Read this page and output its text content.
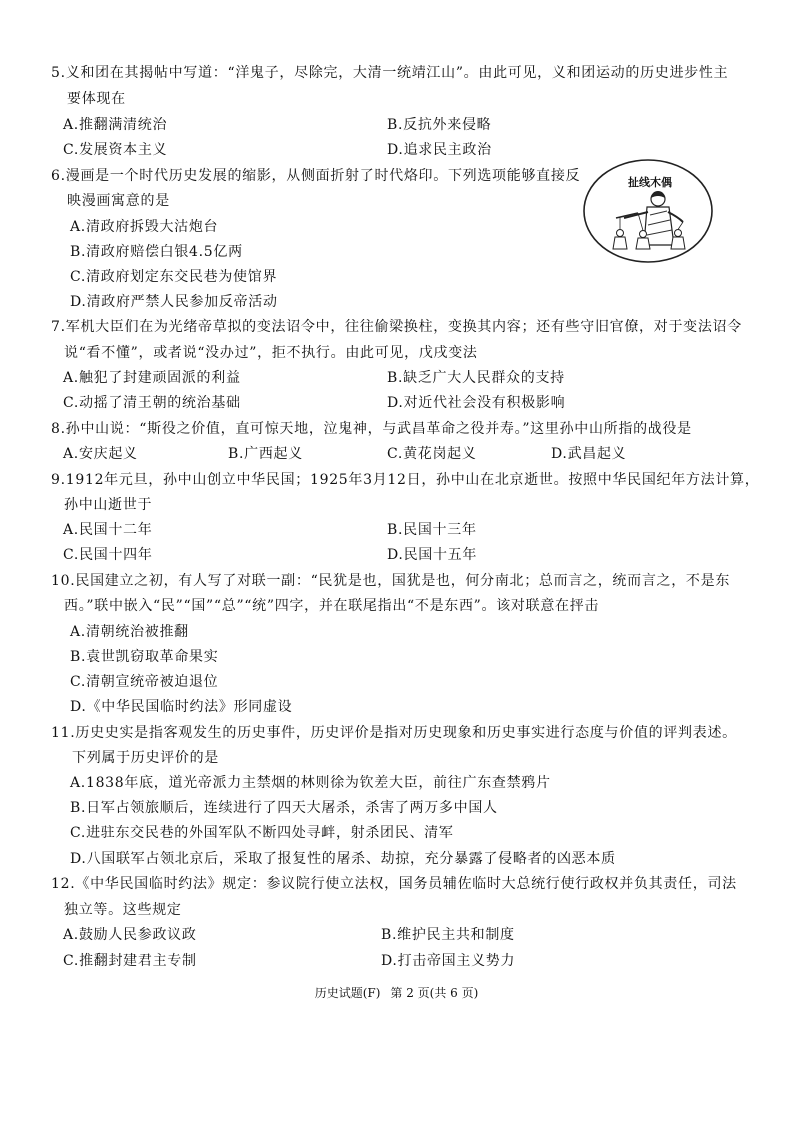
5.义和团在其揭帖中写道：“洋鬼子，尽除完，大清一统靖江山”。由此可见，义和团运动的历史进步性主
要体现在
A.推翻满清统治	B.反抗外来侵略
C.发展资本主义	D.追求民主政治
6.漫画是一个时代历史发展的缩影，从侧面折射了时代烙印。下列选项能够直接反
映漫画寓意的是
A.清政府拆毁大沽炮台
B.清政府赔偿白银4.5亿两
C.清政府划定东交民巷为使馆界
D.清政府严禁人民参加反帝活动
扯线木偶
7.军机大臣们在为光绪帝草拟的变法诏令中，往往偷梁换柱，变换其内容；还有些守旧官僚，对于变法诏令
说“看不懂”，或者说“没办过”，拒不执行。由此可见，戊戌变法
A.触犯了封建顽固派的利益	B.缺乏广大人民群众的支持
C.动摇了清王朝的统治基础	D.对近代社会没有积极影响
8.孙中山说：“斯役之价值，直可惊天地，泣鬼神，与武昌革命之役并寿。”这里孙中山所指的战役是
A.安庆起义	B.广西起义	C.黄花岗起义	D.武昌起义
9.1912年元旦，孙中山创立中华民国；1925年3月12日，孙中山在北京逝世。按照中华民国纪年方法计算，
孙中山逝世于
A.民国十二年	B.民国十三年
C.民国十四年	D.民国十五年
10.民国建立之初，有人写了对联一副：“民犹是也，国犹是也，何分南北；总而言之，统而言之，不是东
西。”联中嵌入“民”“国”“总”“统”四字，并在联尾指出“不是东西”。该对联意在抨击
A.清朝统治被推翻
B.袁世凯窃取革命果实
C.清朝宣统帝被迫退位
D.《中华民国临时约法》形同虚设
11.历史史实是指客观发生的历史事件，历史评价是指对历史现象和历史事实进行态度与价值的评判表述。
下列属于历史评价的是
A.1838年底，道光帝派力主禁烟的林则徐为钦差大臣，前往广东查禁鸦片
B.日军占领旅顺后，连续进行了四天大屠杀，杀害了两万多中国人
C.进驻东交民巷的外国军队不断四处寻衅，射杀团民、清军
D.八国联军占领北京后，采取了报复性的屠杀、劫掠，充分暴露了侵略者的凶恶本质
12.《中华民国临时约法》规定：参议院行使立法权，国务员辅佐临时大总统行使行政权并负其责任，司法
独立等。这些规定
A.鼓励人民参政议政	B.维护民主共和制度
C.推翻封建君主专制	D.打击帝国主义势力
历史试题(F) 第 2 页(共 6 页)
